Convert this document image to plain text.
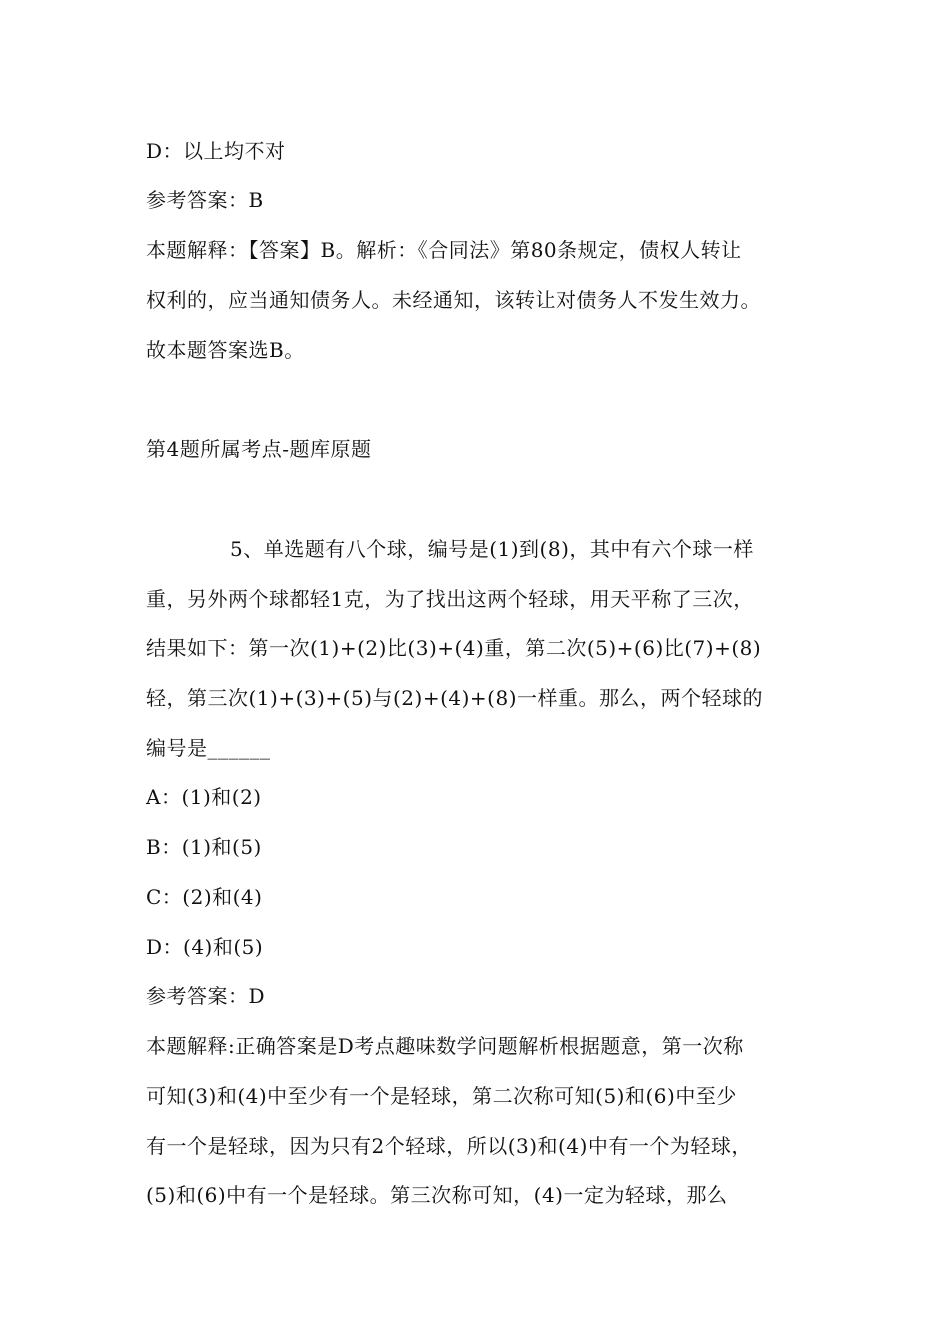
D：以上均不对
参考答案：B
本题解释：【答案】B。解析：《合同法》第80条规定，债权人转让
权利的，应当通知债务人。未经通知，该转让对债务人不发生效力。
故本题答案选B。
第4题所属考点-题库原题
5、单选题有八个球，编号是(1)到(8)，其中有六个球一样
重，另外两个球都轻1克，为了找出这两个轻球，用天平称了三次，
结果如下：第一次(1)+(2)比(3)+(4)重，第二次(5)+(6)比(7)+(8)
轻，第三次(1)+(3)+(5)与(2)+(4)+(8)一样重。那么，两个轻球的
编号是______
A：(1)和(2)
B：(1)和(5)
C：(2)和(4)
D：(4)和(5)
参考答案：D
本题解释:正确答案是D考点趣味数学问题解析根据题意，第一次称
可知(3)和(4)中至少有一个是轻球，第二次称可知(5)和(6)中至少
有一个是轻球，因为只有2个轻球，所以(3)和(4)中有一个为轻球，
(5)和(6)中有一个是轻球。第三次称可知，(4)一定为轻球，那么
